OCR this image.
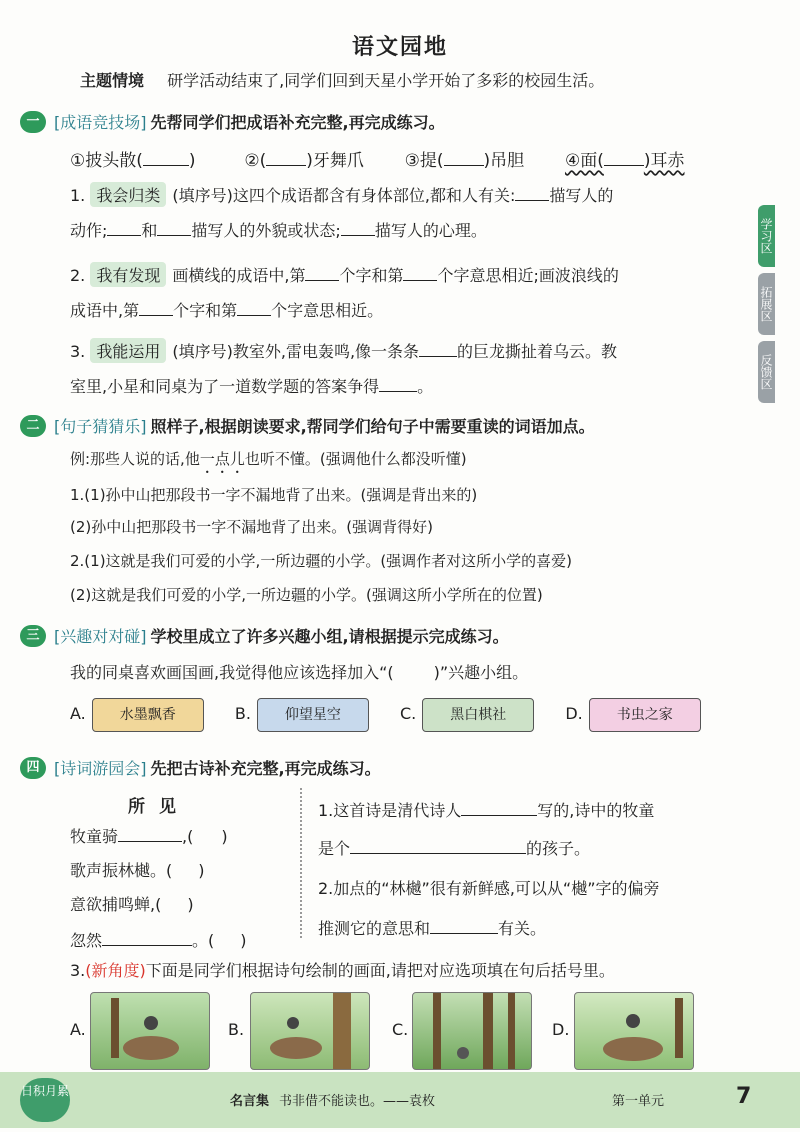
语文园地
主题情境 研学活动结束了,同学们回到天星小学开始了多彩的校园生活。
学习区
拓展区
反馈区
一 [成语竞技场] 先帮同学们把成语补充完整,再完成练习。
①披头散(	)	②( )牙舞爪 ③提( )吊胆 ④面( )耳赤
1. 我会归类 (填序号)这四个成语都含有身体部位,都和人有关: 描写人的
动作; 和 描写人的外貌或状态; 描写人的心理。
2. 我有发现 画横线的成语中,第 个字和第 个字意思相近;画波浪线的
成语中,第 个字和第 个字意思相近。
3. 我能运用 (填序号)教室外,雷电轰鸣,像一条条 的巨龙撕扯着乌云。教
室里,小星和同桌为了一道数学题的答案争得 。
二 [句子猜猜乐] 照样子,根据朗读要求,帮同学们给句子中需要重读的词语加点。
例:那些人说的话,他一点儿也听不懂。(强调他什么都没听懂)
1.(1)孙中山把那段书一字不漏地背了出来。(强调是背出来的)
(2)孙中山把那段书一字不漏地背了出来。(强调背得好)
2.(1)这就是我们可爱的小学,一所边疆的小学。(强调作者对这所小学的喜爱)
(2)这就是我们可爱的小学,一所边疆的小学。(强调这所小学所在的位置)
三 [兴趣对对碰] 学校里成立了许多兴趣小组,请根据提示完成练习。
我的同桌喜欢画国画,我觉得他应该选择加入“(	)”兴趣小组。
A. 水墨飘香	B. 仰望星空	C. 黑白棋社	D. 书虫之家
四 [诗词游园会] 先把古诗补充完整,再完成练习。
所见
牧童骑	,( )
歌声振林樾。( )
意欲捕鸣蝉,( )
忽然	。( )
1.这首诗是清代诗人	写的,诗中的牧童
是个	的孩子。
2.加点的“林樾”很有新鲜感,可以从“樾”字的偏旁
推测它的意思和	有关。
3.(新角度)下面是同学们根据诗句绘制的画面,请把对应选项填在句后括号里。
A.	B.	C.	D.
日积月累
名言集 书非借不能读也。——袁枚	第一单元	7
